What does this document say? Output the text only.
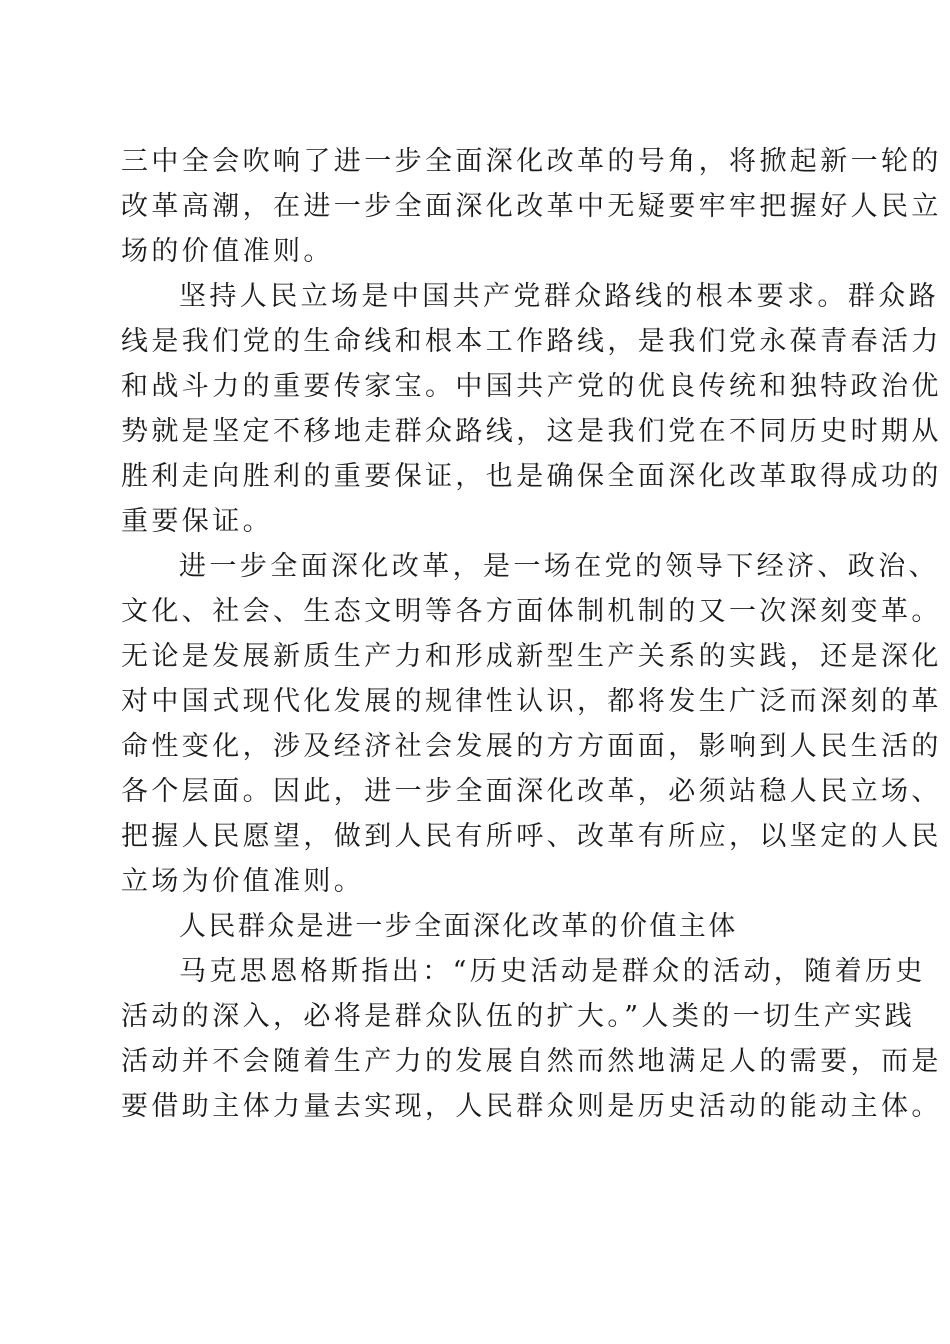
三中全会吹响了进一步全面深化改革的号角，将掀起新一轮的
改革高潮，在进一步全面深化改革中无疑要牢牢把握好人民立
场的价值准则。
坚持人民立场是中国共产党群众路线的根本要求。群众路
线是我们党的生命线和根本工作路线，是我们党永葆青春活力
和战斗力的重要传家宝。中国共产党的优良传统和独特政治优
势就是坚定不移地走群众路线，这是我们党在不同历史时期从
胜利走向胜利的重要保证，也是确保全面深化改革取得成功的
重要保证。
进一步全面深化改革，是一场在党的领导下经济、政治、
文化、社会、生态文明等各方面体制机制的又一次深刻变革。
无论是发展新质生产力和形成新型生产关系的实践，还是深化
对中国式现代化发展的规律性认识，都将发生广泛而深刻的革
命性变化，涉及经济社会发展的方方面面，影响到人民生活的
各个层面。因此，进一步全面深化改革，必须站稳人民立场、
把握人民愿望，做到人民有所呼、改革有所应，以坚定的人民
立场为价值准则。
人民群众是进一步全面深化改革的价值主体
马克思恩格斯指出：“历史活动是群众的活动，随着历史
活动的深入，必将是群众队伍的扩大。”人类的一切生产实践
活动并不会随着生产力的发展自然而然地满足人的需要，而是
要借助主体力量去实现，人民群众则是历史活动的能动主体。
